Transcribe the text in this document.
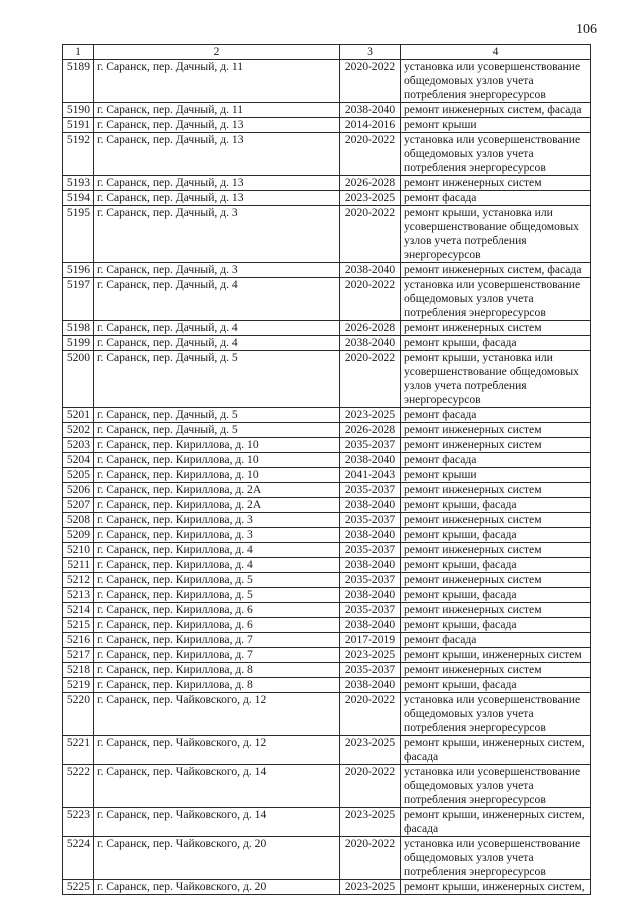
106
1	2	3	4
5189	г. Саранск, пер. Дачный, д. 11	2020-2022	установка или усовершенствование общедомовых узлов учета потребления энергоресурсов
5190	г. Саранск, пер. Дачный, д. 11	2038-2040	ремонт инженерных систем, фасада
5191	г. Саранск, пер. Дачный, д. 13	2014-2016	ремонт крыши
5192	г. Саранск, пер. Дачный, д. 13	2020-2022	установка или усовершенствование общедомовых узлов учета потребления энергоресурсов
5193	г. Саранск, пер. Дачный, д. 13	2026-2028	ремонт инженерных систем
5194	г. Саранск, пер. Дачный, д. 13	2023-2025	ремонт фасада
5195	г. Саранск, пер. Дачный, д. 3	2020-2022	ремонт крыши, установка или усовершенствование общедомовых узлов учета потребления энергоресурсов
5196	г. Саранск, пер. Дачный, д. 3	2038-2040	ремонт инженерных систем, фасада
5197	г. Саранск, пер. Дачный, д. 4	2020-2022	установка или усовершенствование общедомовых узлов учета потребления энергоресурсов
5198	г. Саранск, пер. Дачный, д. 4	2026-2028	ремонт инженерных систем
5199	г. Саранск, пер. Дачный, д. 4	2038-2040	ремонт крыши, фасада
5200	г. Саранск, пер. Дачный, д. 5	2020-2022	ремонт крыши, установка или усовершенствование общедомовых узлов учета потребления энергоресурсов
5201	г. Саранск, пер. Дачный, д. 5	2023-2025	ремонт фасада
5202	г. Саранск, пер. Дачный, д. 5	2026-2028	ремонт инженерных систем
5203	г. Саранск, пер. Кириллова, д. 10	2035-2037	ремонт инженерных систем
5204	г. Саранск, пер. Кириллова, д. 10	2038-2040	ремонт фасада
5205	г. Саранск, пер. Кириллова, д. 10	2041-2043	ремонт крыши
5206	г. Саранск, пер. Кириллова, д. 2А	2035-2037	ремонт инженерных систем
5207	г. Саранск, пер. Кириллова, д. 2А	2038-2040	ремонт крыши, фасада
5208	г. Саранск, пер. Кириллова, д. 3	2035-2037	ремонт инженерных систем
5209	г. Саранск, пер. Кириллова, д. 3	2038-2040	ремонт крыши, фасада
5210	г. Саранск, пер. Кириллова, д. 4	2035-2037	ремонт инженерных систем
5211	г. Саранск, пер. Кириллова, д. 4	2038-2040	ремонт крыши, фасада
5212	г. Саранск, пер. Кириллова, д. 5	2035-2037	ремонт инженерных систем
5213	г. Саранск, пер. Кириллова, д. 5	2038-2040	ремонт крыши, фасада
5214	г. Саранск, пер. Кириллова, д. 6	2035-2037	ремонт инженерных систем
5215	г. Саранск, пер. Кириллова, д. 6	2038-2040	ремонт крыши, фасада
5216	г. Саранск, пер. Кириллова, д. 7	2017-2019	ремонт фасада
5217	г. Саранск, пер. Кириллова, д. 7	2023-2025	ремонт крыши, инженерных систем
5218	г. Саранск, пер. Кириллова, д. 8	2035-2037	ремонт инженерных систем
5219	г. Саранск, пер. Кириллова, д. 8	2038-2040	ремонт крыши, фасада
5220	г. Саранск, пер. Чайковского, д. 12	2020-2022	установка или усовершенствование общедомовых узлов учета потребления энергоресурсов
5221	г. Саранск, пер. Чайковского, д. 12	2023-2025	ремонт крыши, инженерных систем, фасада
5222	г. Саранск, пер. Чайковского, д. 14	2020-2022	установка или усовершенствование общедомовых узлов учета потребления энергоресурсов
5223	г. Саранск, пер. Чайковского, д. 14	2023-2025	ремонт крыши, инженерных систем, фасада
5224	г. Саранск, пер. Чайковского, д. 20	2020-2022	установка или усовершенствование общедомовых узлов учета потребления энергоресурсов
5225	г. Саранск, пер. Чайковского, д. 20	2023-2025	ремонт крыши, инженерных систем,
